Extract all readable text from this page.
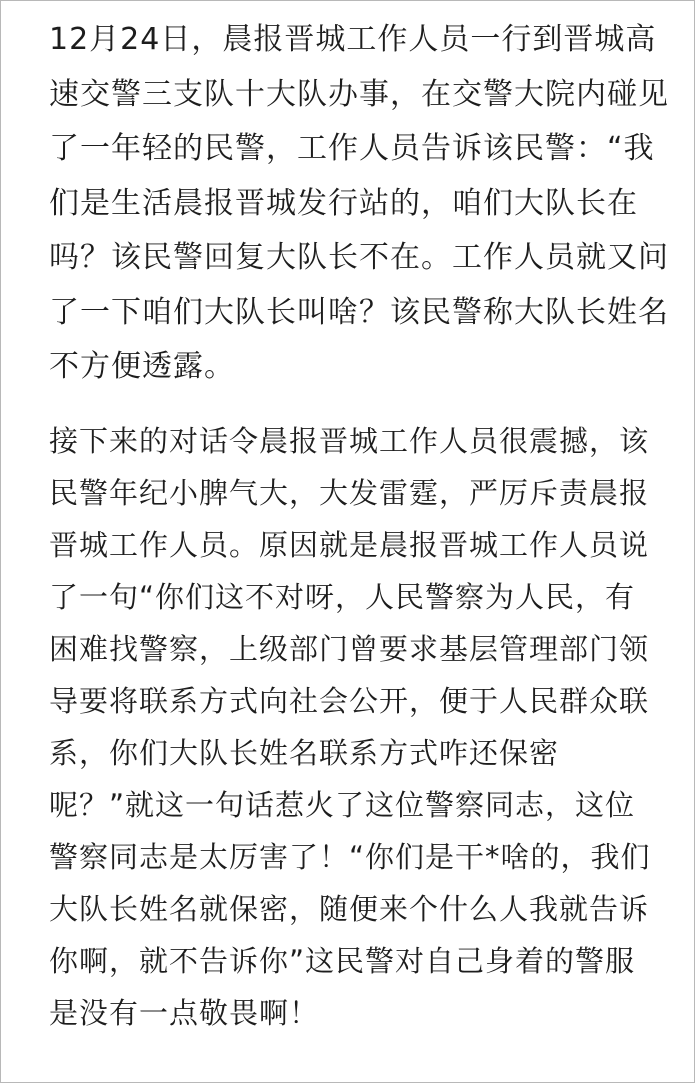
12月24日，晨报晋城工作人员一行到晋城高
速交警三支队十大队办事，在交警大院内碰见
了一年轻的民警，工作人员告诉该民警：“我
们是生活晨报晋城发行站的，咱们大队长在
吗？该民警回复大队长不在。工作人员就又问
了一下咱们大队长叫啥？该民警称大队长姓名
不方便透露。

接下来的对话令晨报晋城工作人员很震撼，该
民警年纪小脾气大，大发雷霆，严厉斥责晨报
晋城工作人员。原因就是晨报晋城工作人员说
了一句“你们这不对呀，人民警察为人民，有
困难找警察，上级部门曾要求基层管理部门领
导要将联系方式向社会公开，便于人民群众联
系，你们大队长姓名联系方式咋还保密
呢？”就这一句话惹火了这位警察同志，这位
警察同志是太厉害了！“你们是干*啥的，我们
大队长姓名就保密，随便来个什么人我就告诉
你啊，就不告诉你”这民警对自己身着的警服
是没有一点敬畏啊！
